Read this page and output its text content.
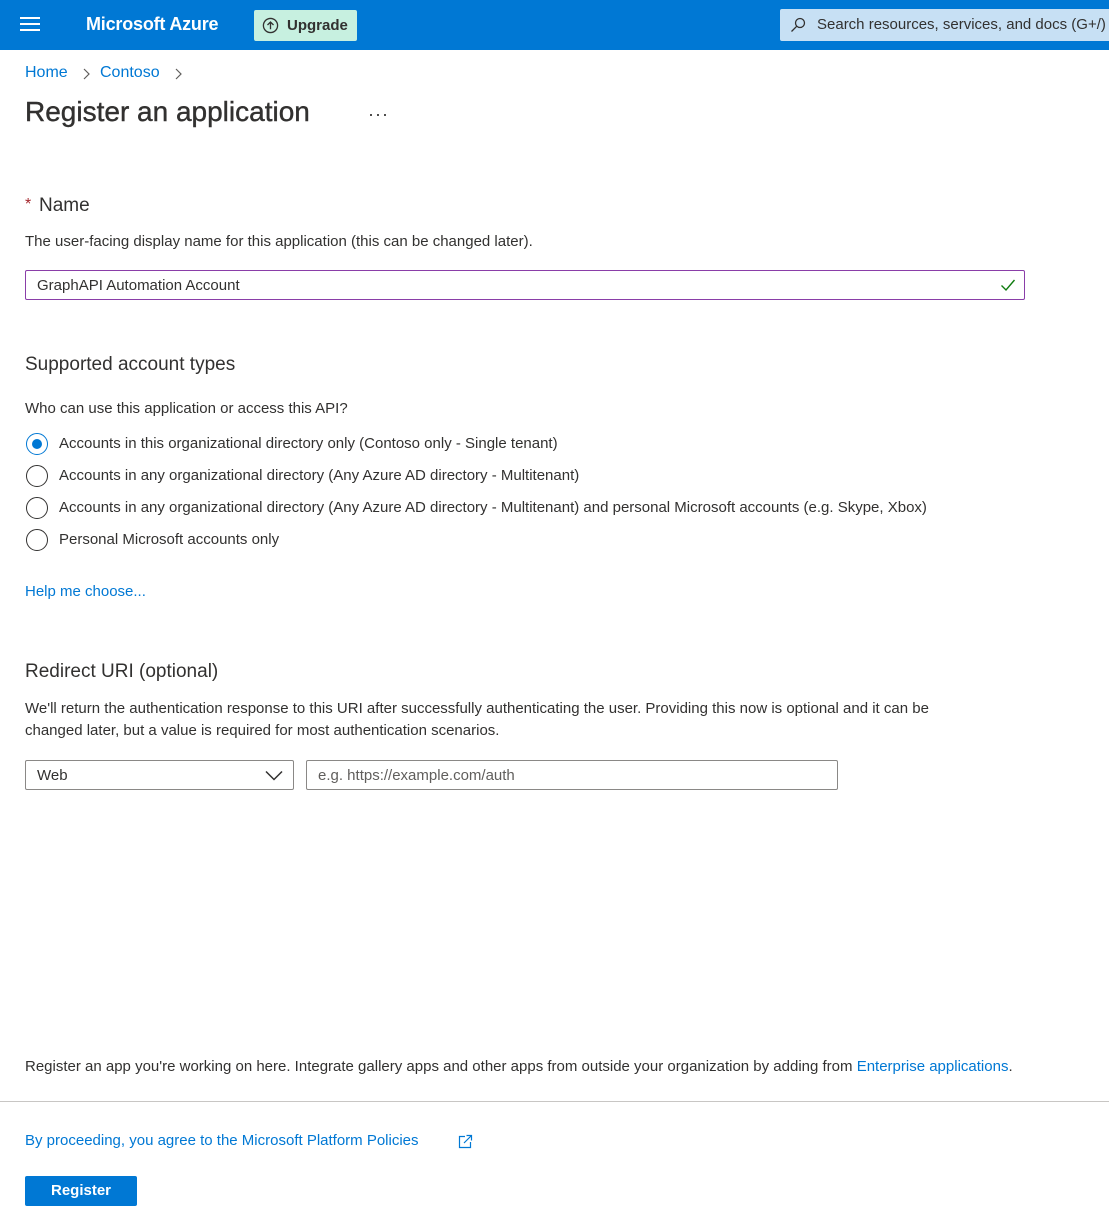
Microsoft Azure	Upgrade	Search resources, services, and docs (G+/)
Home Contoso
Register an application	···
* Name
The user-facing display name for this application (this can be changed later).
GraphAPI Automation Account
Supported account types
Who can use this application or access this API?
Accounts in this organizational directory only (Contoso only - Single tenant)
Accounts in any organizational directory (Any Azure AD directory - Multitenant)
Accounts in any organizational directory (Any Azure AD directory - Multitenant) and personal Microsoft accounts (e.g. Skype, Xbox)
Personal Microsoft accounts only
Help me choose...
Redirect URI (optional)
We'll return the authentication response to this URI after successfully authenticating the user. Providing this now is optional and it can be
changed later, but a value is required for most authentication scenarios.
Web
e.g. https://example.com/auth
Register an app you're working on here. Integrate gallery apps and other apps from outside your organization by adding from Enterprise applications.
By proceeding, you agree to the Microsoft Platform Policies
Register
